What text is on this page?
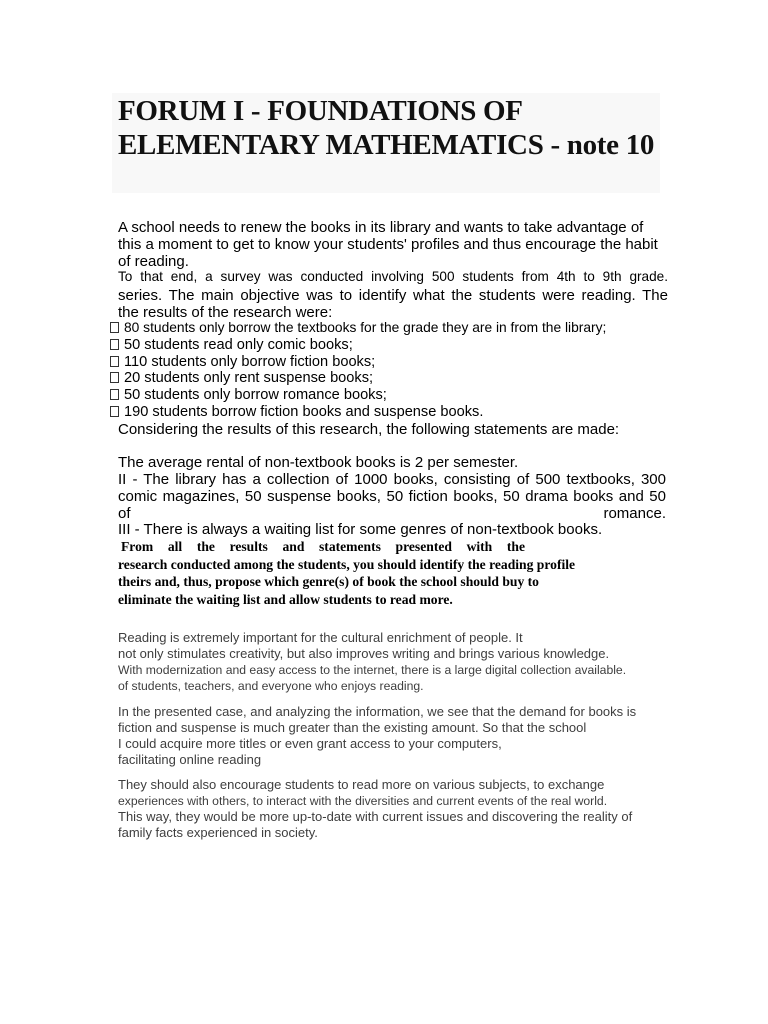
FORUM I - FOUNDATIONS OF ELEMENTARY MATHEMATICS - note 10

A school needs to renew the books in its library and wants to take advantage of this a moment to get to know your students' profiles and thus encourage the habit of reading.

To that end, a survey was conducted involving 500 students from 4th to 9th grade.

series. The main objective was to identify what the students were reading. The

the results of the research were:

80 students only borrow the textbooks for the grade they are in from the library;
50 students read only comic books;
110 students only borrow fiction books;
20 students only rent suspense books;
50 students only borrow romance books;
190 students borrow fiction books and suspense books.

Considering the results of this research, the following statements are made:

The average rental of non-textbook books is 2 per semester.

II - The library has a collection of 1000 books, consisting of 500 textbooks, 300
comic magazines, 50 suspense books, 50 fiction books, 50 drama books and 50
of romance.

III - There is always a waiting list for some genres of non-textbook books.

From all the results and statements presented with the
research conducted among the students, you should identify the reading profile
theirs and, thus, propose which genre(s) of book the school should buy to
eliminate the waiting list and allow students to read more.

Reading is extremely important for the cultural enrichment of people. It
not only stimulates creativity, but also improves writing and brings various knowledge.
With modernization and easy access to the internet, there is a large digital collection available.
of students, teachers, and everyone who enjoys reading.

In the presented case, and analyzing the information, we see that the demand for books is
fiction and suspense is much greater than the existing amount. So that the school
I could acquire more titles or even grant access to your computers,
facilitating online reading

They should also encourage students to read more on various subjects, to exchange
experiences with others, to interact with the diversities and current events of the real world.
This way, they would be more up-to-date with current issues and discovering the reality of
family facts experienced in society.
